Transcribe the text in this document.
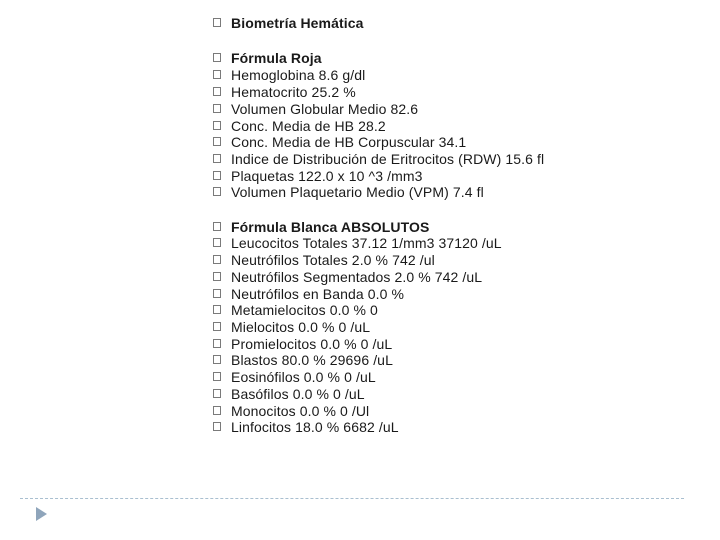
Biometría Hemática
Fórmula Roja
Hemoglobina 8.6 g/dl
Hematocrito 25.2 %
Volumen Globular Medio 82.6
Conc. Media de HB 28.2
Conc. Media de HB Corpuscular 34.1
Indice de Distribución de Eritrocitos (RDW) 15.6 fl
Plaquetas 122.0 x 10 ^3 /mm3
Volumen Plaquetario Medio (VPM) 7.4 fl
Fórmula Blanca ABSOLUTOS
Leucocitos Totales 37.12 1/mm3 37120 /uL
Neutrófilos Totales 2.0 % 742 /ul
Neutrófilos Segmentados 2.0 % 742 /uL
Neutrófilos en Banda 0.0 %
Metamielocitos 0.0 % 0
Mielocitos 0.0 % 0 /uL
Promielocitos 0.0 % 0 /uL
Blastos 80.0 % 29696 /uL
Eosinófilos 0.0 % 0 /uL
Basófilos 0.0 % 0 /uL
Monocitos 0.0 % 0 /Ul
Linfocitos 18.0 % 6682 /uL
